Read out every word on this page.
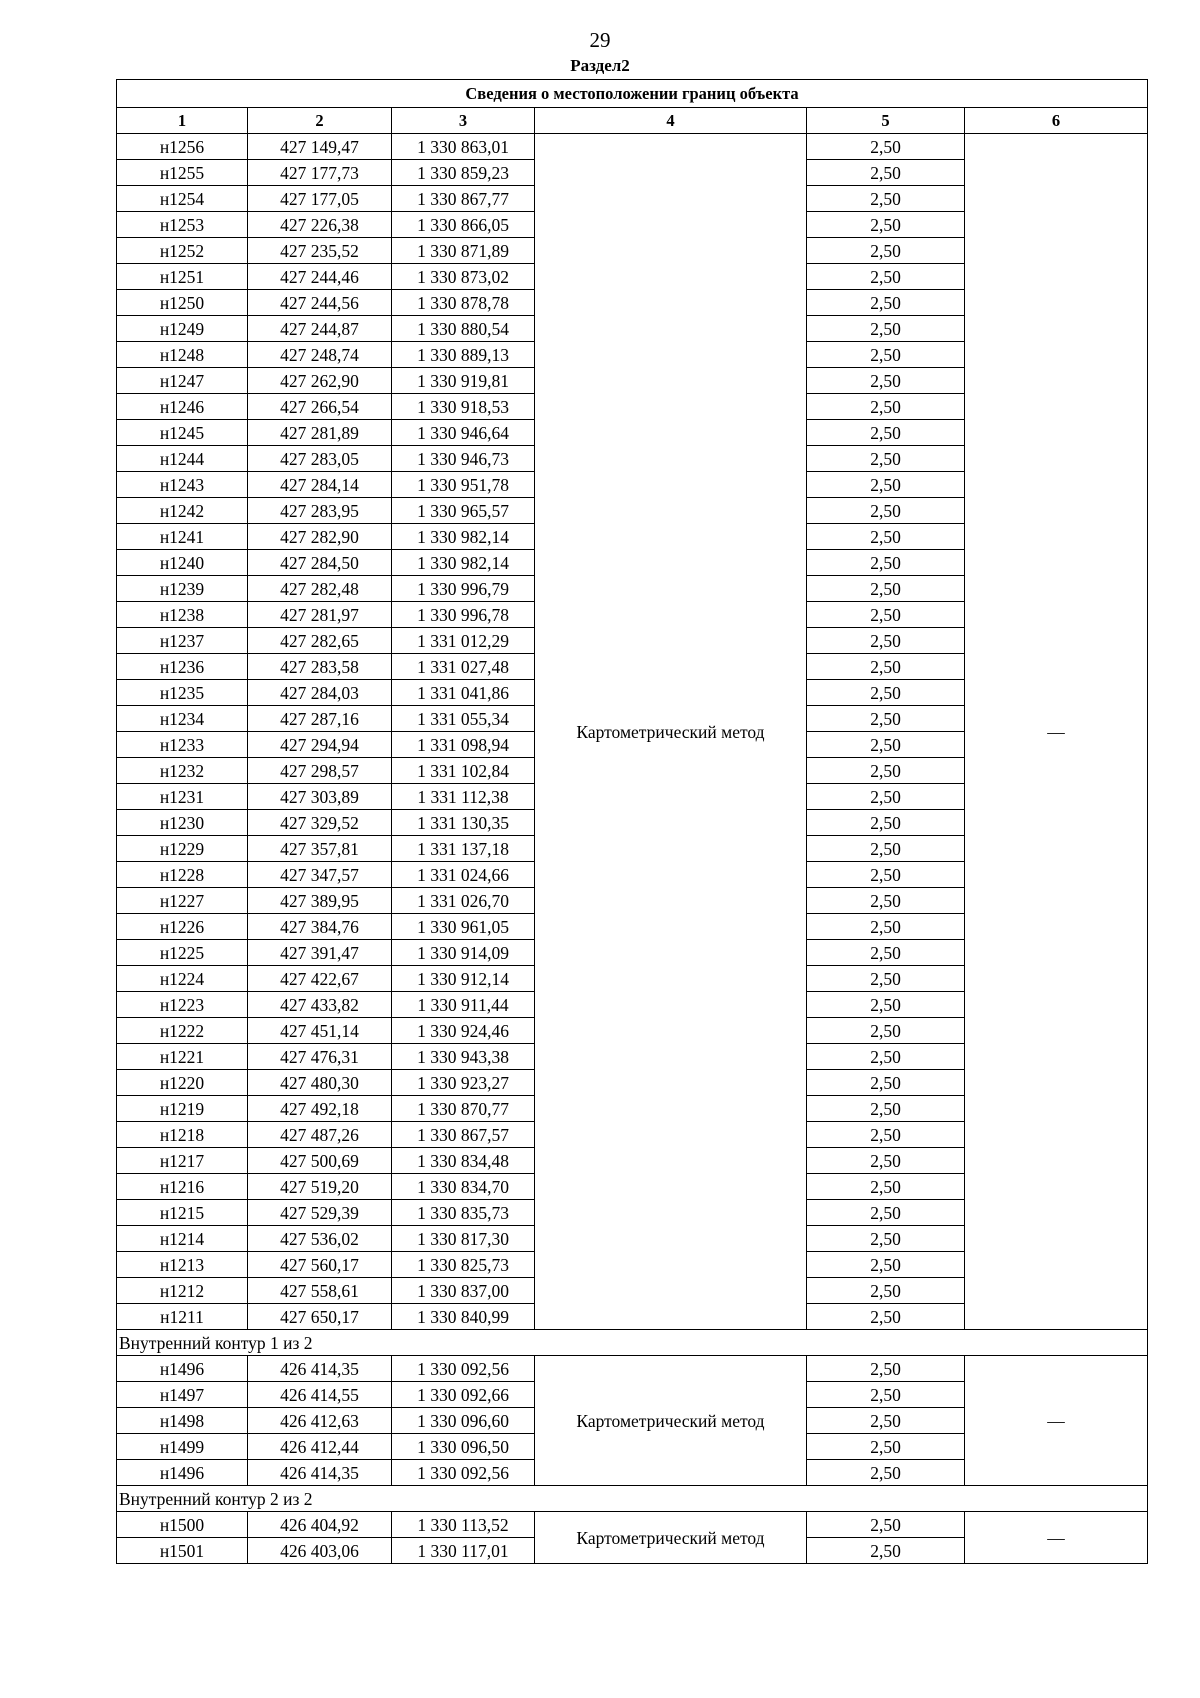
29
Раздел2
Сведения о местоположении границ объекта					
1	2	3	4	5	6
н1256	427 149,47	1 330 863,01	Картометрический метод	2,50	—
н1255	427 177,73	1 330 859,23		2,50	
н1254	427 177,05	1 330 867,77		2,50	
н1253	427 226,38	1 330 866,05		2,50	
н1252	427 235,52	1 330 871,89		2,50	
н1251	427 244,46	1 330 873,02		2,50	
н1250	427 244,56	1 330 878,78		2,50	
н1249	427 244,87	1 330 880,54		2,50	
н1248	427 248,74	1 330 889,13		2,50	
н1247	427 262,90	1 330 919,81		2,50	
н1246	427 266,54	1 330 918,53		2,50	
н1245	427 281,89	1 330 946,64		2,50	
н1244	427 283,05	1 330 946,73		2,50	
н1243	427 284,14	1 330 951,78		2,50	
н1242	427 283,95	1 330 965,57		2,50	
н1241	427 282,90	1 330 982,14		2,50	
н1240	427 284,50	1 330 982,14		2,50	
н1239	427 282,48	1 330 996,79		2,50	
н1238	427 281,97	1 330 996,78		2,50	
н1237	427 282,65	1 331 012,29		2,50	
н1236	427 283,58	1 331 027,48		2,50	
н1235	427 284,03	1 331 041,86		2,50	
н1234	427 287,16	1 331 055,34		2,50	
н1233	427 294,94	1 331 098,94		2,50	
н1232	427 298,57	1 331 102,84		2,50	
н1231	427 303,89	1 331 112,38		2,50	
н1230	427 329,52	1 331 130,35		2,50	
н1229	427 357,81	1 331 137,18		2,50	
н1228	427 347,57	1 331 024,66		2,50	
н1227	427 389,95	1 331 026,70		2,50	
н1226	427 384,76	1 330 961,05		2,50	
н1225	427 391,47	1 330 914,09		2,50	
н1224	427 422,67	1 330 912,14		2,50	
н1223	427 433,82	1 330 911,44		2,50	
н1222	427 451,14	1 330 924,46		2,50	
н1221	427 476,31	1 330 943,38		2,50	
н1220	427 480,30	1 330 923,27		2,50	
н1219	427 492,18	1 330 870,77		2,50	
н1218	427 487,26	1 330 867,57		2,50	
н1217	427 500,69	1 330 834,48		2,50	
н1216	427 519,20	1 330 834,70		2,50	
н1215	427 529,39	1 330 835,73		2,50	
н1214	427 536,02	1 330 817,30		2,50	
н1213	427 560,17	1 330 825,73		2,50	
н1212	427 558,61	1 330 837,00		2,50	
н1211	427 650,17	1 330 840,99		2,50	
Внутренний контур 1 из 2					
н1496	426 414,35	1 330 092,56	Картометрический метод	2,50	—
н1497	426 414,55	1 330 092,66		2,50	
н1498	426 412,63	1 330 096,60		2,50	
н1499	426 412,44	1 330 096,50		2,50	
н1496	426 414,35	1 330 092,56		2,50	
Внутренний контур 2 из 2					
н1500	426 404,92	1 330 113,52	Картометрический метод	2,50	—
н1501	426 403,06	1 330 117,01		2,50	
